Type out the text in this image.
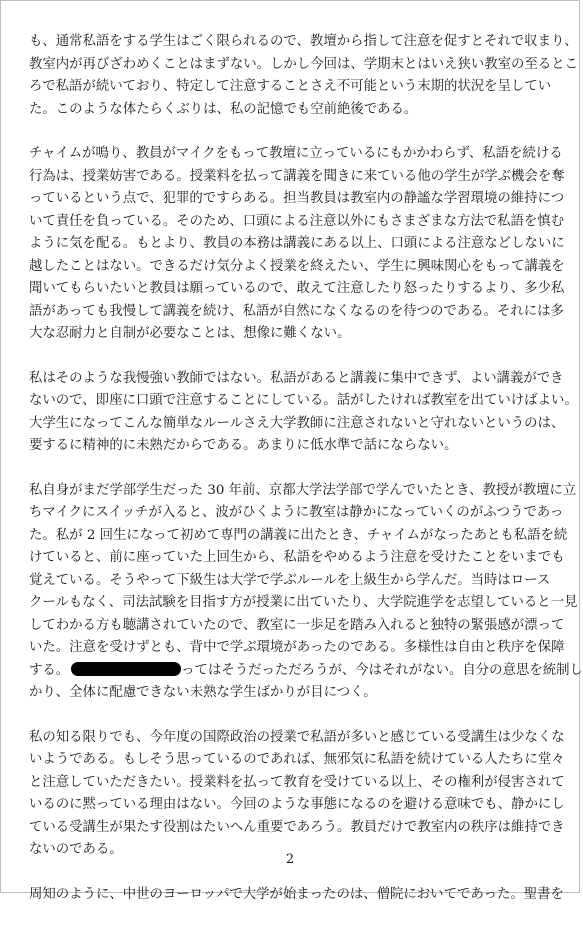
も、通常私語をする学生はごく限られるので、教壇から指して注意を促すとそれで収まり、
教室内が再びざわめくことはまずない。しかし今回は、学期末とはいえ狭い教室の至るとこ
ろで私語が続いており、特定して注意することさえ不可能という末期的状況を呈してい
た。このような体たらくぶりは、私の記憶でも空前絶後である。

チャイムが鳴り、教員がマイクをもって教壇に立っているにもかかわらず、私語を続ける
行為は、授業妨害である。授業料を払って講義を聞きに来ている他の学生が学ぶ機会を奪
っているという点で、犯罪的ですらある。担当教員は教室内の静謐な学習環境の維持につ
いて責任を負っている。そのため、口頭による注意以外にもさまざまな方法で私語を慎む
ように気を配る。もとより、教員の本務は講義にある以上、口頭による注意などしないに
越したことはない。できるだけ気分よく授業を終えたい、学生に興味関心をもって講義を
聞いてもらいたいと教員は願っているので、敢えて注意したり怒ったりするより、多少私
語があっても我慢して講義を続け、私語が自然になくなるのを待つのである。それには多
大な忍耐力と自制が必要なことは、想像に難くない。

私はそのような我慢強い教師ではない。私語があると講義に集中できず、よい講義ができ
ないので、即座に口頭で注意することにしている。話がしたければ教室を出ていけばよい。
大学生になってこんな簡単なルールさえ大学教師に注意されないと守れないというのは、
要するに精神的に未熟だからである。あまりに低水準で話にならない。

私自身がまだ学部学生だった 30 年前、京都大学法学部で学んでいたとき、教授が教壇に立
ちマイクにスイッチが入ると、波がひくように教室は静かになっていくのがふつうであっ
た。私が 2 回生になって初めて専門の講義に出たとき、チャイムがなったあとも私語を続
けていると、前に座っていた上回生から、私語をやめるよう注意を受けたことをいまでも
覚えている。そうやって下級生は大学で学ぶルールを上級生から学んだ。当時はロース
クールもなく、司法試験を目指す方が授業に出ていたり、大学院進学を志望していると一見
してわかる方も聴講されていたので、教室に一歩足を踏み入れると独特の緊張感が漂って
いた。注意を受けずとも、背中で学ぶ環境があったのである。多様性は自由と秩序を保障
する。	ってはそうだっただろうが、今はそれがない。自分の意思を統制し
かり、全体に配慮できない未熟な学生ばかりが目につく。

私の知る限りでも、今年度の国際政治の授業で私語が多いと感じている受講生は少なくな
いようである。もしそう思っているのであれば、無邪気に私語を続けている人たちに堂々
と注意していただきたい。授業料を払って教育を受けている以上、その権利が侵害されて
いるのに黙っている理由はない。今回のような事態になるのを避ける意味でも、静かにし
ている受講生が果たす役割はたいへん重要であろう。教員だけで教室内の秩序は維持でき
ないのである。

周知のように、中世のヨーロッパで大学が始まったのは、僧院においてであった。聖書を

2
